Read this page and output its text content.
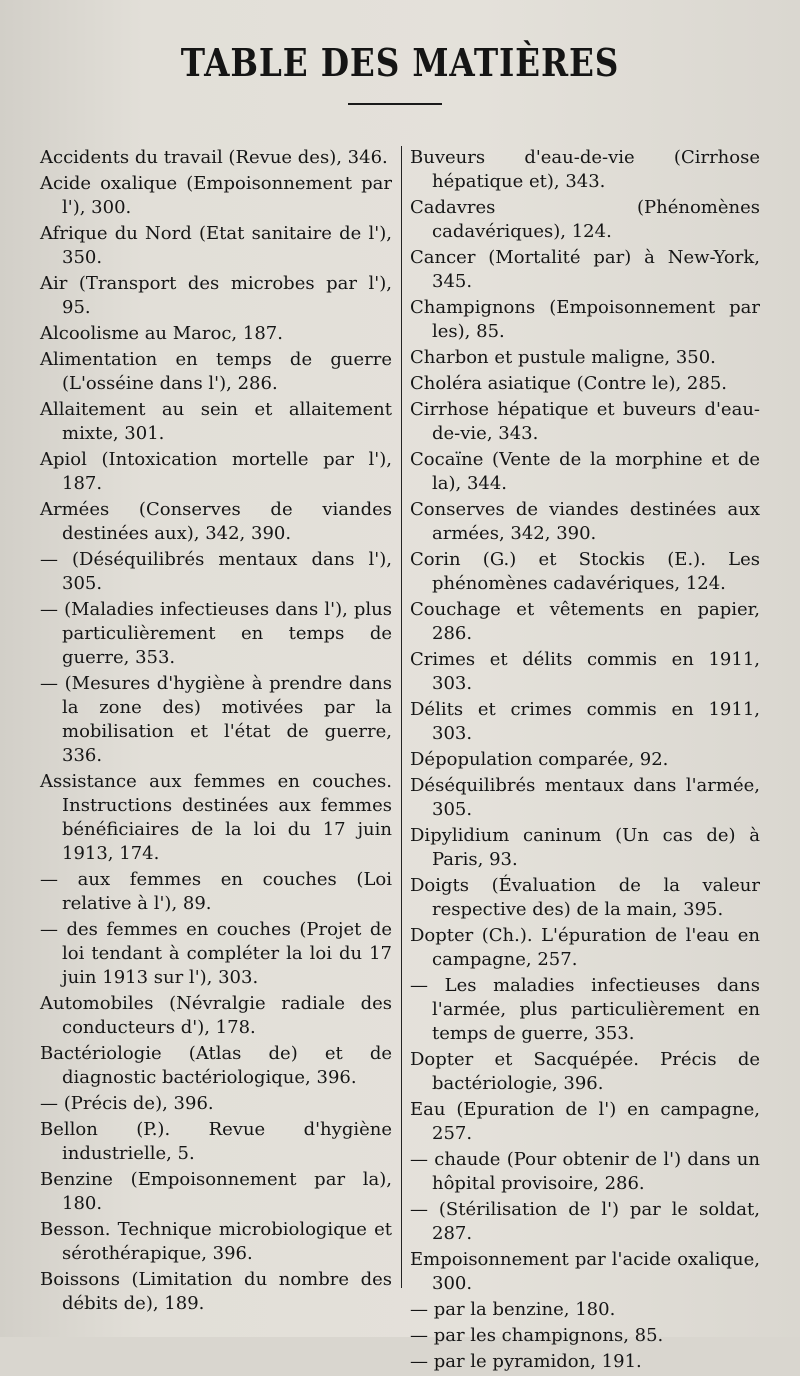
TABLE DES MATIÈRES

Accidents du travail (Revue des), 346.

Acide oxalique (Empoisonnement par l'), 300.

Afrique du Nord (Etat sanitaire de l'), 350.

Air (Transport des microbes par l'), 95.

Alcoolisme au Maroc, 187.

Alimentation en temps de guerre (L'osséine dans l'), 286.

Allaitement au sein et allaitement mixte, 301.

Apiol (Intoxication mortelle par l'), 187.

Armées (Conserves de viandes destinées aux), 342, 390.

— (Déséquilibrés mentaux dans l'), 305.

— (Maladies infectieuses dans l'), plus particulièrement en temps de guerre, 353.

— (Mesures d'hygiène à prendre dans la zone des) motivées par la mobilisation et l'état de guerre, 336.

Assistance aux femmes en couches. Instructions destinées aux femmes bénéficiaires de la loi du 17 juin 1913, 174.

— aux femmes en couches (Loi relative à l'), 89.

— des femmes en couches (Projet de loi tendant à compléter la loi du 17 juin 1913 sur l'), 303.

Automobiles (Névralgie radiale des conducteurs d'), 178.

Bactériologie (Atlas de) et de diagnostic bactériologique, 396.

— (Précis de), 396.

Bellon (P.). Revue d'hygiène industrielle, 5.

Benzine (Empoisonnement par la), 180.

Besson. Technique microbiologique et sérothérapique, 396.

Boissons (Limitation du nombre des débits de), 189.

Buveurs d'eau-de-vie (Cirrhose hépatique et), 343.

Cadavres (Phénomènes cadavériques), 124.

Cancer (Mortalité par) à New-York, 345.

Champignons (Empoisonnement par les), 85.

Charbon et pustule maligne, 350.

Choléra asiatique (Contre le), 285.

Cirrhose hépatique et buveurs d'eau-de-vie, 343.

Cocaïne (Vente de la morphine et de la), 344.

Conserves de viandes destinées aux armées, 342, 390.

Corin (G.) et Stockis (E.). Les phénomènes cadavériques, 124.

Couchage et vêtements en papier, 286.

Crimes et délits commis en 1911, 303.

Délits et crimes commis en 1911, 303.

Dépopulation comparée, 92.

Déséquilibrés mentaux dans l'armée, 305.

Dipylidium caninum (Un cas de) à Paris, 93.

Doigts (Évaluation de la valeur respective des) de la main, 395.

Dopter (Ch.). L'épuration de l'eau en campagne, 257.

— Les maladies infectieuses dans l'armée, plus particulièrement en temps de guerre, 353.

Dopter et Sacquépée. Précis de bactériologie, 396.

Eau (Epuration de l') en campagne, 257.

— chaude (Pour obtenir de l') dans un hôpital provisoire, 286.

— (Stérilisation de l') par le soldat, 287.

Empoisonnement par l'acide oxalique, 300.

— par la benzine, 180.

— par les champignons, 85.

— par le pyramidon, 191.
